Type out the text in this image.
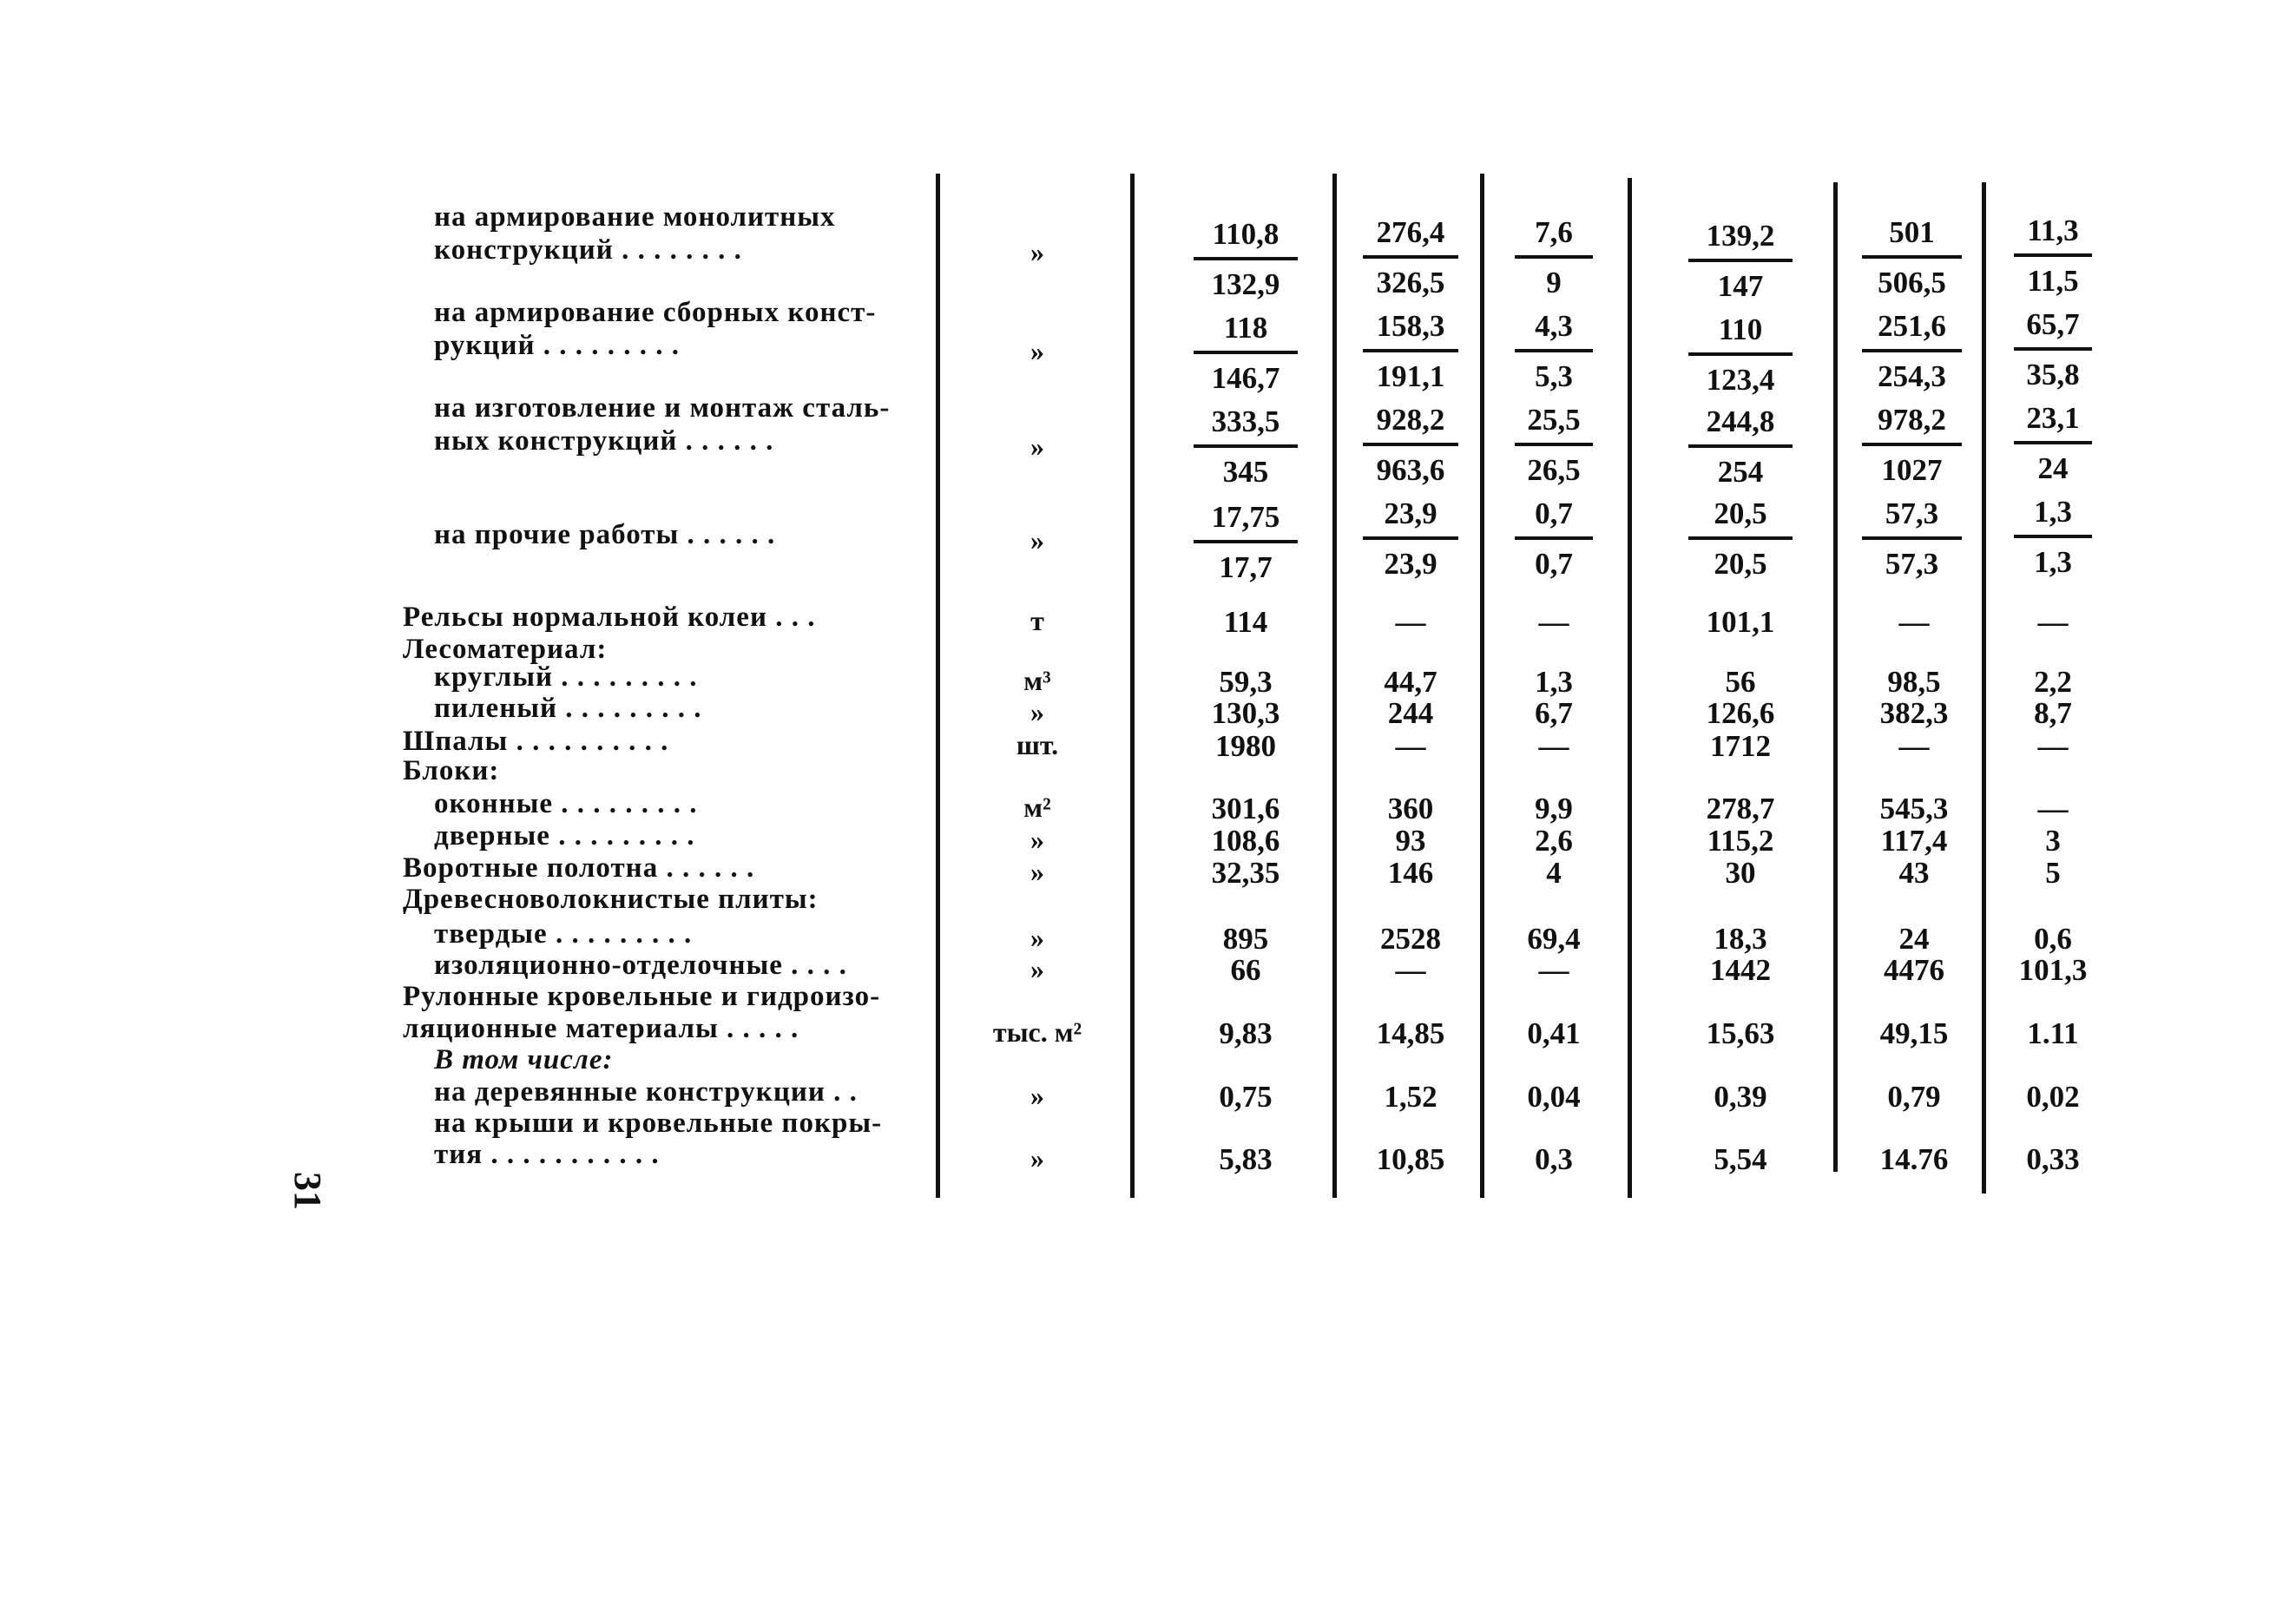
на армирование монолитных
конструкций . . . . . . . .	»	$\frac{110,8}{132,9} \frac{276,4}{326,5} \frac{7,6}{9}$	$\frac{139,2}{147} \frac{501}{506,5} \frac{11,3}{11,5}$
на армирование сборных конст-
рукций . . . . . . . . .	»	$\frac{118}{146,7} \frac{158,3}{191,1} \frac{4,3}{5,3}$	$\frac{110}{123,4} \frac{251,6}{254,3} \frac{65,7}{35,8}$
на изготовление и монтаж сталь-
ных конструкций . . . . . .	»	$\frac{333,5}{345} \frac{928,2}{963,6} \frac{25,5}{26,5}$	$\frac{244,8}{254} \frac{978,2}{1027} \frac{23,1}{24}$
на прочие работы . . . . . .	»	$\frac{17,75}{17,7} \frac{23,9}{23,9} \frac{0,7}{0,7}$	$\frac{20,5}{20,5} \frac{57,3}{57,3} \frac{1,3}{1,3}$
Рельсы нормальной колеи . . .	т	114	—	—	101,1	—	—
Лесоматериал:
круглый . . . . . . . . .	м³	59,3	44,7	1,3	56	98,5	2,2
пиленый . . . . . . . . .	»	130,3	244	6,7	126,6	382,3	8,7
Шпалы . . . . . . . . . .	шт.	1980	—	—	1712	—	—
Блоки:
оконные . . . . . . . . .	м²	301,6	360	9,9	278,7	545,3	—
дверные . . . . . . . . .	»	108,6	93	2,6	115,2	117,4	3
Воротные полотна . . . . . .	»	32,35	146	4	30	43	5
Древесноволокнистые плиты:
твердые . . . . . . . . .	»	895	2528	69,4	18,3	24	0,6
изоляционно-отделочные . . . .	»	66	—	—	1442	4476	101,3
Рулонные кровельные и гидроизо-
ляционные материалы . . . . .	тыс. м²	9,83	14,85	0,41	15,63	49,15	1.11
В том числе:
на деревянные конструкции . .	»	0,75	1,52	0,04	0,39	0,79	0,02
на крыши и кровельные покры-
тия . . . . . . . . . . .	»	5,83	10,85	0,3	5,54	14.76	0,33
31
